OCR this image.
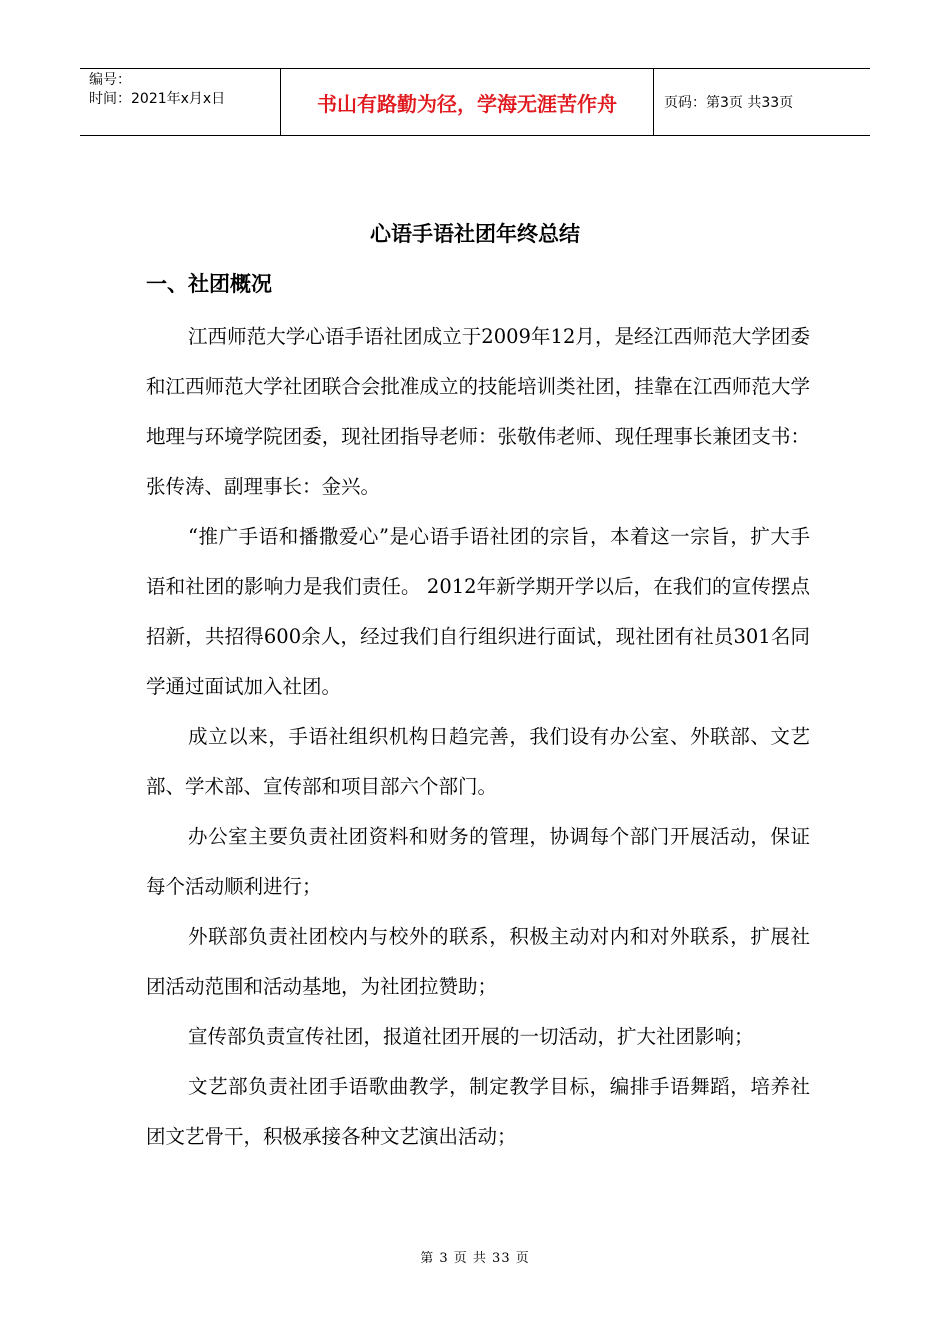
编号：
时间：2021年x月x日	书山有路勤为径，学海无涯苦作舟	页码：第3页 共33页
心语手语社团年终总结
一、社团概况

江西师范大学心语手语社团成立于2009年12月，是经江西师范大学团委和江西师范大学社团联合会批准成立的技能培训类社团，挂靠在江西师范大学地理与环境学院团委，现社团指导老师：张敬伟老师、现任理事长兼团支书：张传涛、副理事长：金兴。

“推广手语和播撒爱心”是心语手语社团的宗旨，本着这一宗旨，扩大手语和社团的影响力是我们责任。 2012年新学期开学以后，在我们的宣传摆点招新，共招得600余人，经过我们自行组织进行面试，现社团有社员301名同学通过面试加入社团。

成立以来，手语社组织机构日趋完善，我们设有办公室、外联部、文艺部、学术部、宣传部和项目部六个部门。

办公室主要负责社团资料和财务的管理，协调每个部门开展活动，保证每个活动顺利进行；

外联部负责社团校内与校外的联系，积极主动对内和对外联系，扩展社团活动范围和活动基地，为社团拉赞助；

宣传部负责宣传社团，报道社团开展的一切活动，扩大社团影响；

文艺部负责社团手语歌曲教学，制定教学目标，编排手语舞蹈，培养社团文艺骨干，积极承接各种文艺演出活动；

第 3 页 共 33 页
